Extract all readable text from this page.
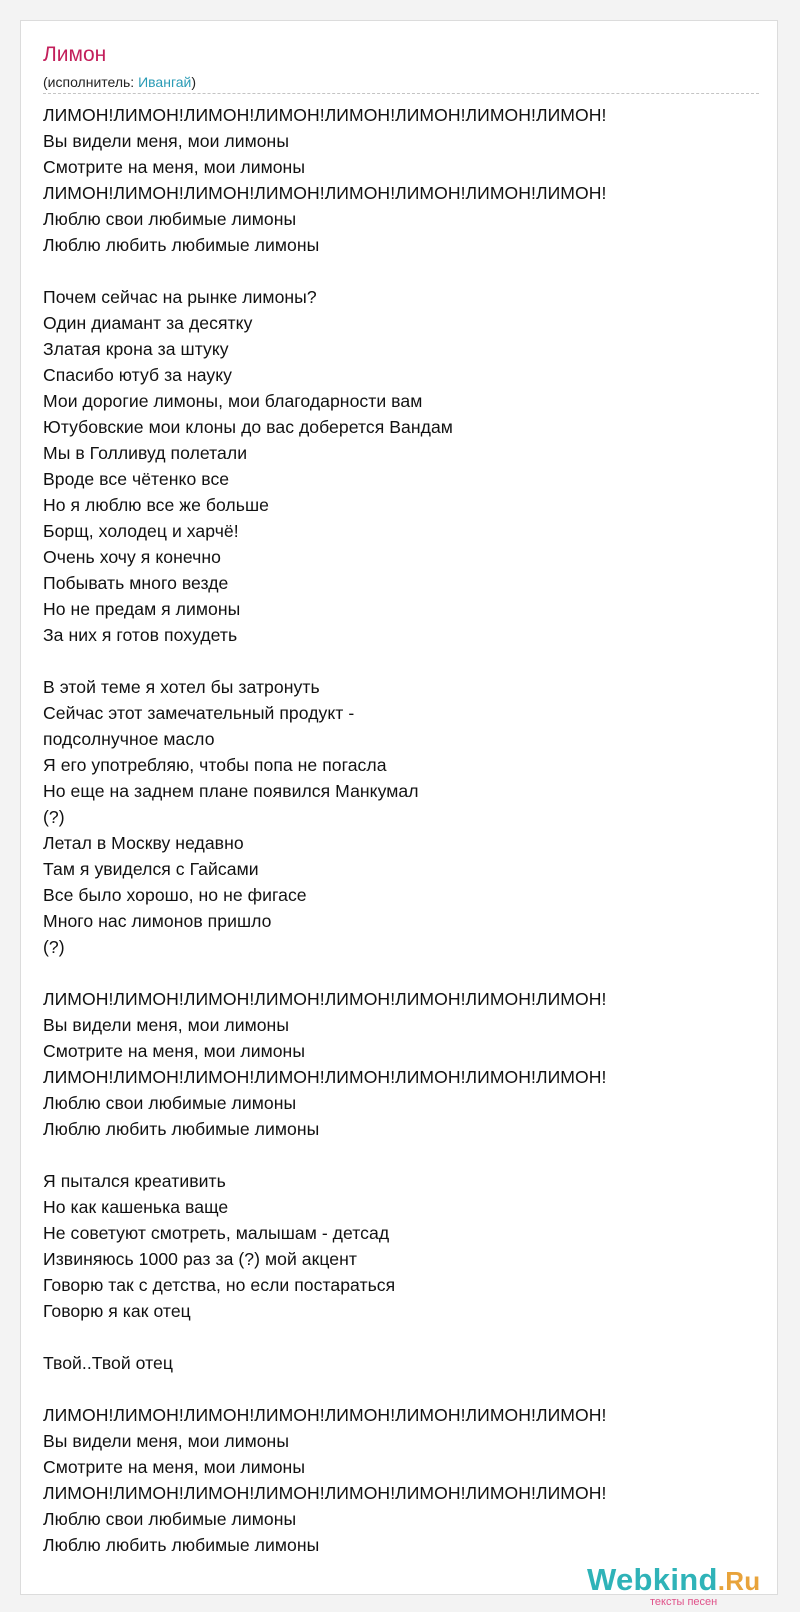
Лимон
(исполнитель: Ивангай)
ЛИМОН!ЛИМОН!ЛИМОН!ЛИМОН!ЛИМОН!ЛИМОН!ЛИМОН!ЛИМОН!
Вы видели меня, мои лимоны
Смотрите на меня, мои лимоны
ЛИМОН!ЛИМОН!ЛИМОН!ЛИМОН!ЛИМОН!ЛИМОН!ЛИМОН!ЛИМОН!
Люблю свои любимые лимоны
Люблю любить любимые лимоны
Почем сейчас на рынке лимоны?
Один диамант за десятку
Златая крона за штуку
Спасибо ютуб за науку
Мои дорогие лимоны, мои благодарности вам
Ютубовские мои клоны до вас доберется Вандам
Мы в Голливуд полетали
Вроде все чётенко все
Но я люблю все же больше
Борщ, холодец и харчё!
Очень хочу я конечно
Побывать много везде
Но не предам я лимоны
За них я готов похудеть
В этой теме я хотел бы затронуть
Сейчас этот замечательный продукт -
подсолнучное масло
Я его употребляю, чтобы попа не погасла
Но еще на заднем плане появился Манкумал
(?)
Летал в Москву недавно
Там я увиделся с Гайсами
Все было хорошо, но не фигасе
Много нас лимонов пришло
(?)
ЛИМОН!ЛИМОН!ЛИМОН!ЛИМОН!ЛИМОН!ЛИМОН!ЛИМОН!ЛИМОН!
Вы видели меня, мои лимоны
Смотрите на меня, мои лимоны
ЛИМОН!ЛИМОН!ЛИМОН!ЛИМОН!ЛИМОН!ЛИМОН!ЛИМОН!ЛИМОН!
Люблю свои любимые лимоны
Люблю любить любимые лимоны
Я пытался креативить
Но как кашенька ваще
Не советуют смотреть, малышам - детсад
Извиняюсь 1000 раз за (?) мой акцент
Говорю так с детства, но если постараться
Говорю я как отец
Твой..Твой отец
ЛИМОН!ЛИМОН!ЛИМОН!ЛИМОН!ЛИМОН!ЛИМОН!ЛИМОН!ЛИМОН!
Вы видели меня, мои лимоны
Смотрите на меня, мои лимоны
ЛИМОН!ЛИМОН!ЛИМОН!ЛИМОН!ЛИМОН!ЛИМОН!ЛИМОН!ЛИМОН!
Люблю свои любимые лимоны
Люблю любить любимые лимоны
Webkind.Ru
тексты песен
